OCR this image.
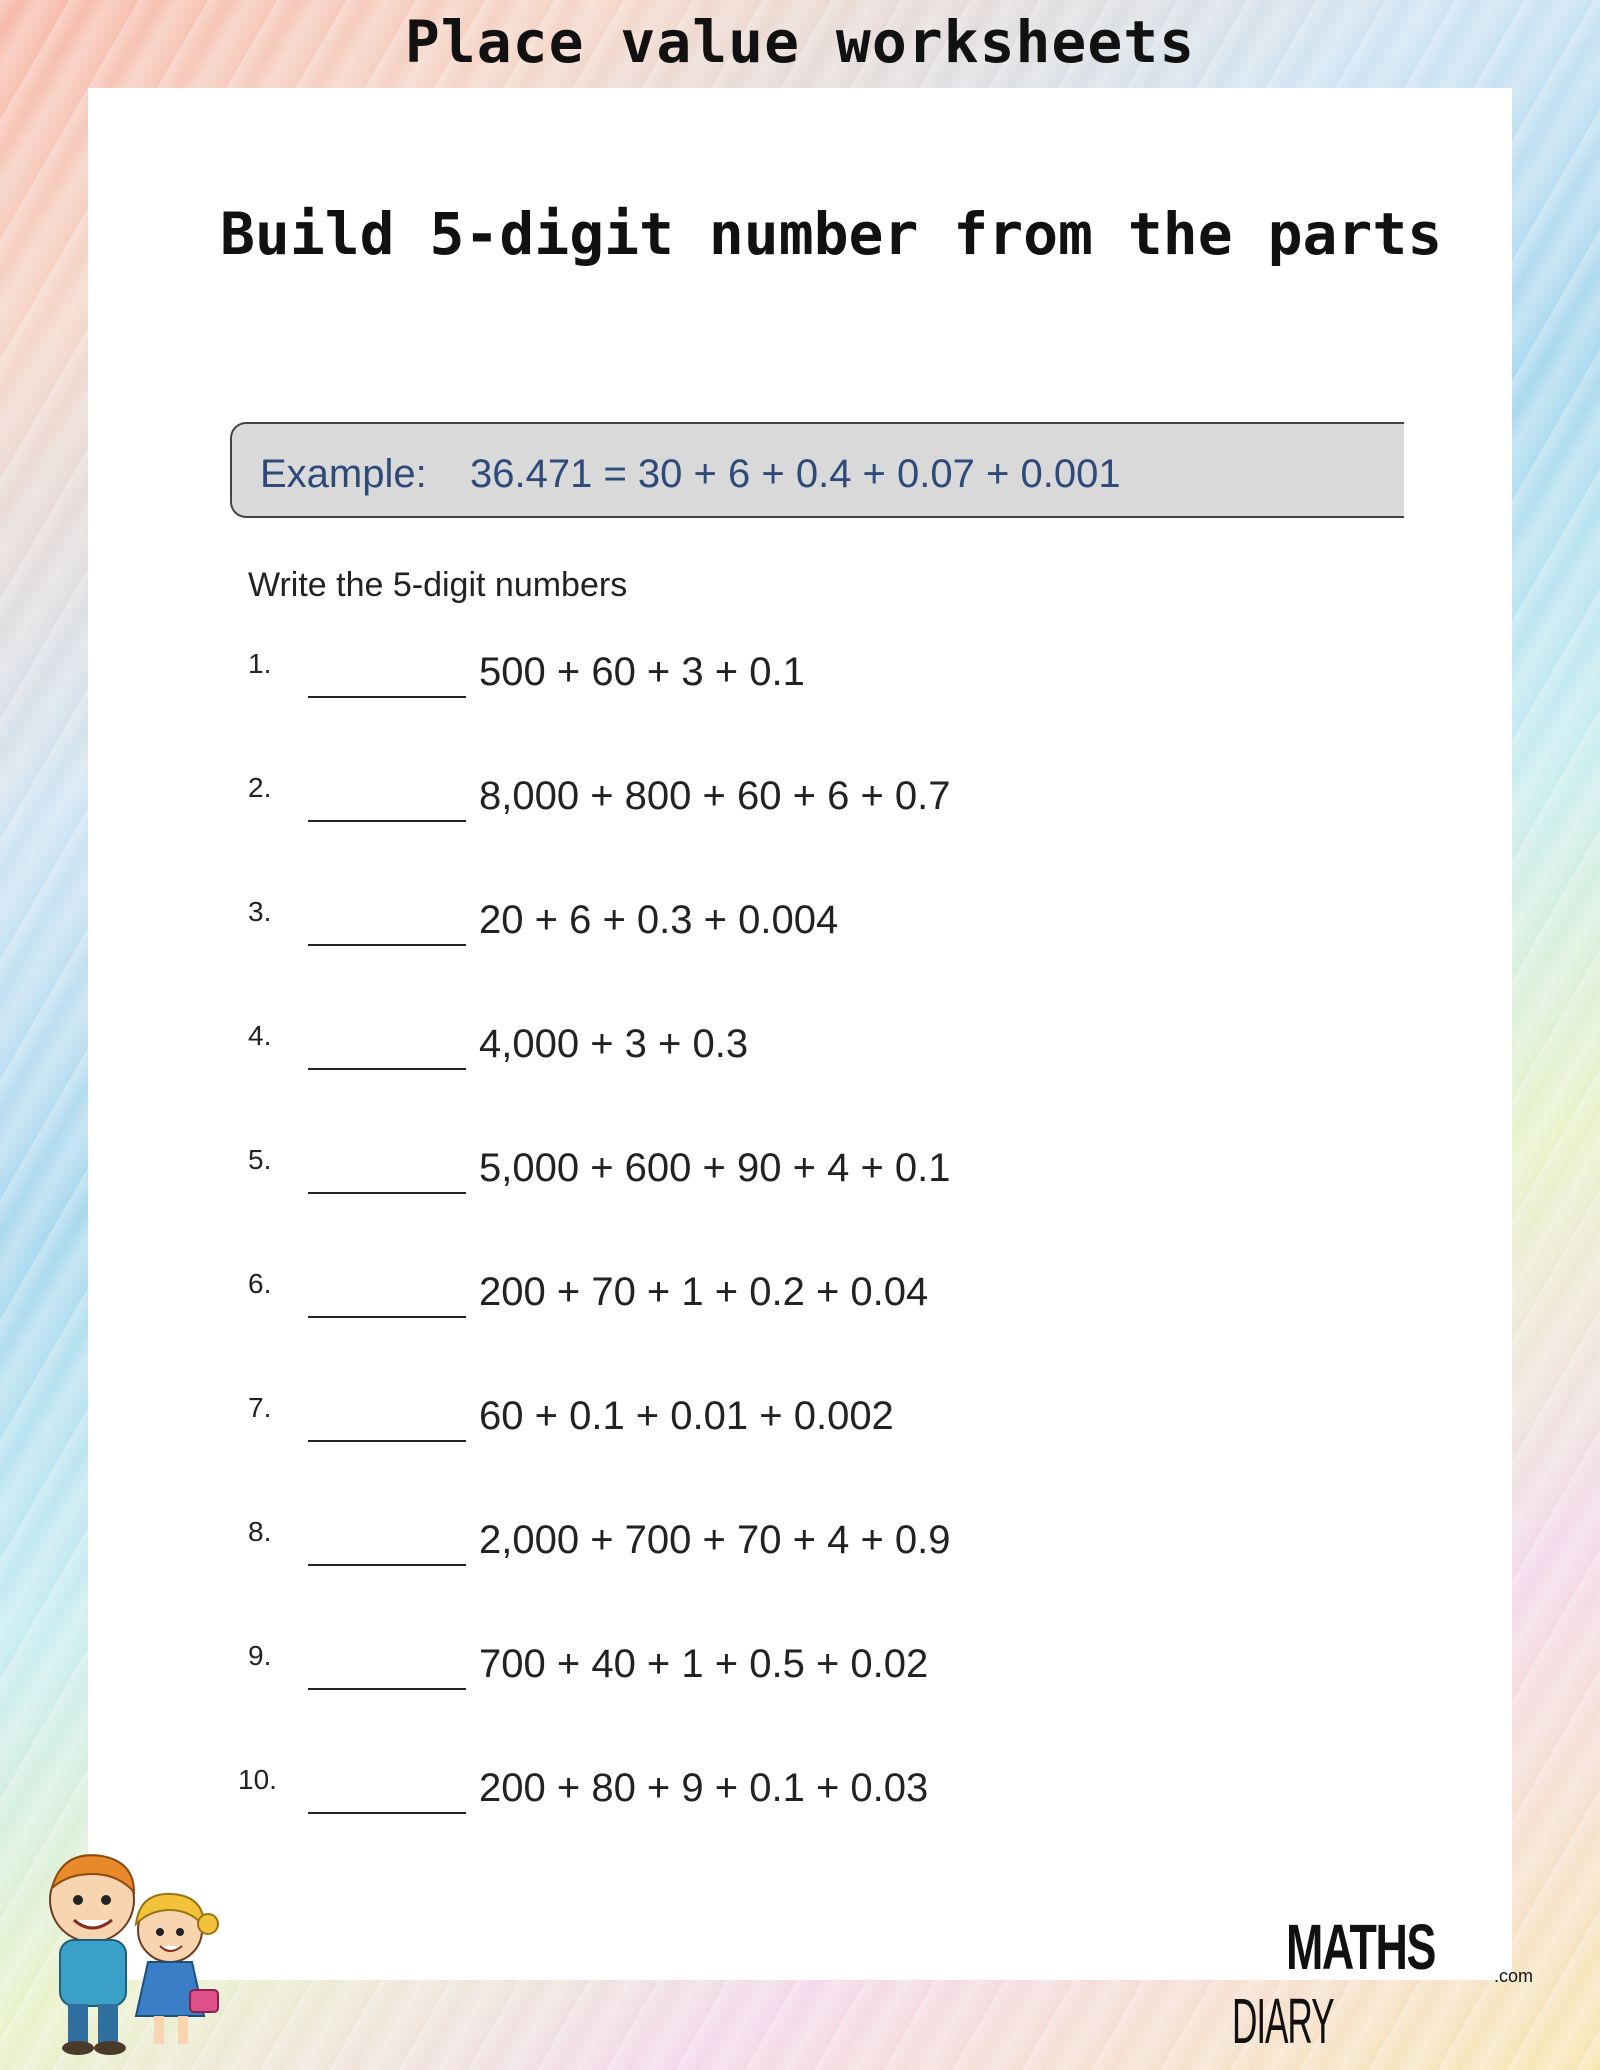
Place value worksheets
Build 5-digit number from the parts
Example: 36.471 = 30 + 6 + 0.4 + 0.07 + 0.001
Write the 5-digit numbers
1.	500 + 60 + 3 + 0.1
2.	8,000 + 800 + 60 + 6 + 0.7
3.	20 + 6 + 0.3 + 0.004
4.	4,000 + 3 + 0.3
5.	5,000 + 600 + 90 + 4 + 0.1
6.	200 + 70 + 1 + 0.2 + 0.04
7.	60 + 0.1 + 0.01 + 0.002
8.	2,000 + 700 + 70 + 4 + 0.9
9.	700 + 40 + 1 + 0.5 + 0.02
10.	200 + 80 + 9 + 0.1 + 0.03
MATHSDIARY
.com
